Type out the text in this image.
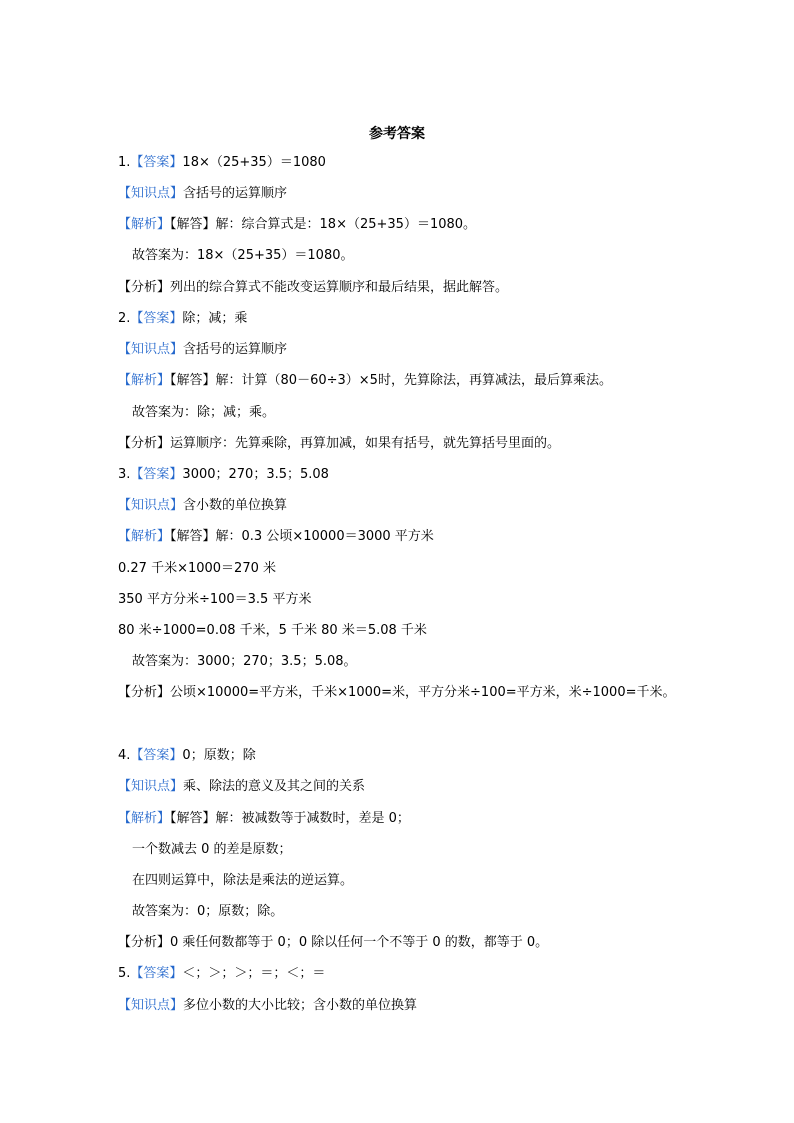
参考答案
1.【答案】18×（25+35）＝1080
【知识点】含括号的运算顺序
【解析】【解答】解：综合算式是：18×（25+35）＝1080。
故答案为：18×（25+35）＝1080。
【分析】列出的综合算式不能改变运算顺序和最后结果，据此解答。
2.【答案】除；减；乘
【知识点】含括号的运算顺序
【解析】【解答】解：计算（80－60÷3）×5时，先算除法，再算减法，最后算乘法。
故答案为：除；减；乘。
【分析】运算顺序：先算乘除，再算加减，如果有括号，就先算括号里面的。
3.【答案】3000；270；3.5；5.08
【知识点】含小数的单位换算
【解析】【解答】解：0.3 公顷×10000＝3000 平方米
0.27 千米×1000＝270 米
350 平方分米÷100＝3.5 平方米
80 米÷1000=0.08 千米，5 千米 80 米＝5.08 千米
故答案为：3000；270；3.5；5.08。
【分析】公顷×10000=平方米，千米×1000=米，平方分米÷100=平方米，米÷1000=千米。
4.【答案】0；原数；除
【知识点】乘、除法的意义及其之间的关系
【解析】【解答】解：被减数等于减数时，差是 0；
一个数减去 0 的差是原数；
在四则运算中，除法是乘法的逆运算。
故答案为：0；原数；除。
【分析】0 乘任何数都等于 0；0 除以任何一个不等于 0 的数，都等于 0。
5.【答案】＜；＞；＞；＝；＜；＝
【知识点】多位小数的大小比较；含小数的单位换算
